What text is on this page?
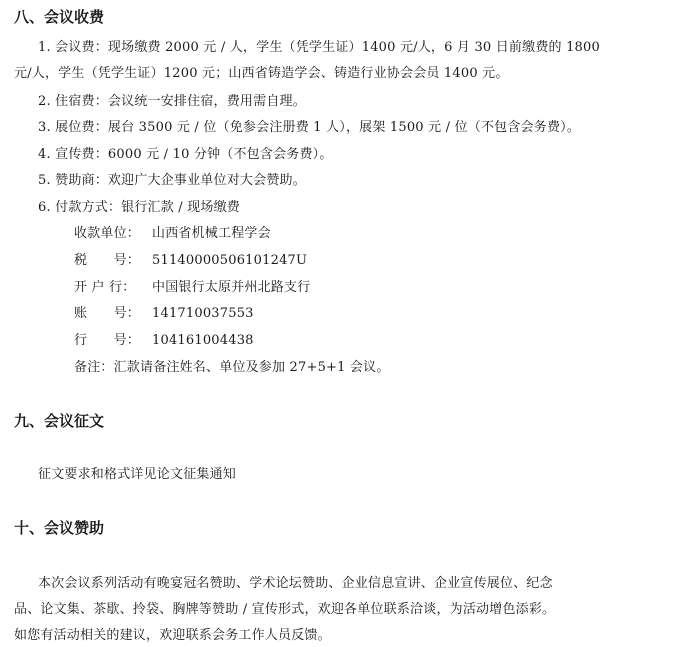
八、会议收费
1. 会议费：现场缴费 2000 元 / 人，学生（凭学生证）1400 元/人，6 月 30 日前缴费的 1800
元/人，学生（凭学生证）1200 元；山西省铸造学会、铸造行业协会会员 1400 元。
2. 住宿费：会议统一安排住宿，费用需自理。
3. 展位费：展台 3500 元 / 位（免参会注册费 1 人），展架 1500 元 / 位（不包含会务费）。
4. 宣传费：6000 元 / 10 分钟（不包含会务费）。
5. 赞助商：欢迎广大企事业单位对大会赞助。
6. 付款方式：银行汇款 / 现场缴费
收款单位： 山西省机械工程学会
税　　号： 51140000506101247U
开 户 行： 中国银行太原并州北路支行
账　　号： 141710037553
行　　号： 104161004438
备注：汇款请备注姓名、单位及参加 27+5+1 会议。
九、会议征文
征文要求和格式详见论文征集通知
十、会议赞助
本次会议系列活动有晚宴冠名赞助、学术论坛赞助、企业信息宣讲、企业宣传展位、纪念
品、论文集、茶歇、拎袋、胸牌等赞助 / 宣传形式，欢迎各单位联系洽谈，为活动增色添彩。
如您有活动相关的建议，欢迎联系会务工作人员反馈。
